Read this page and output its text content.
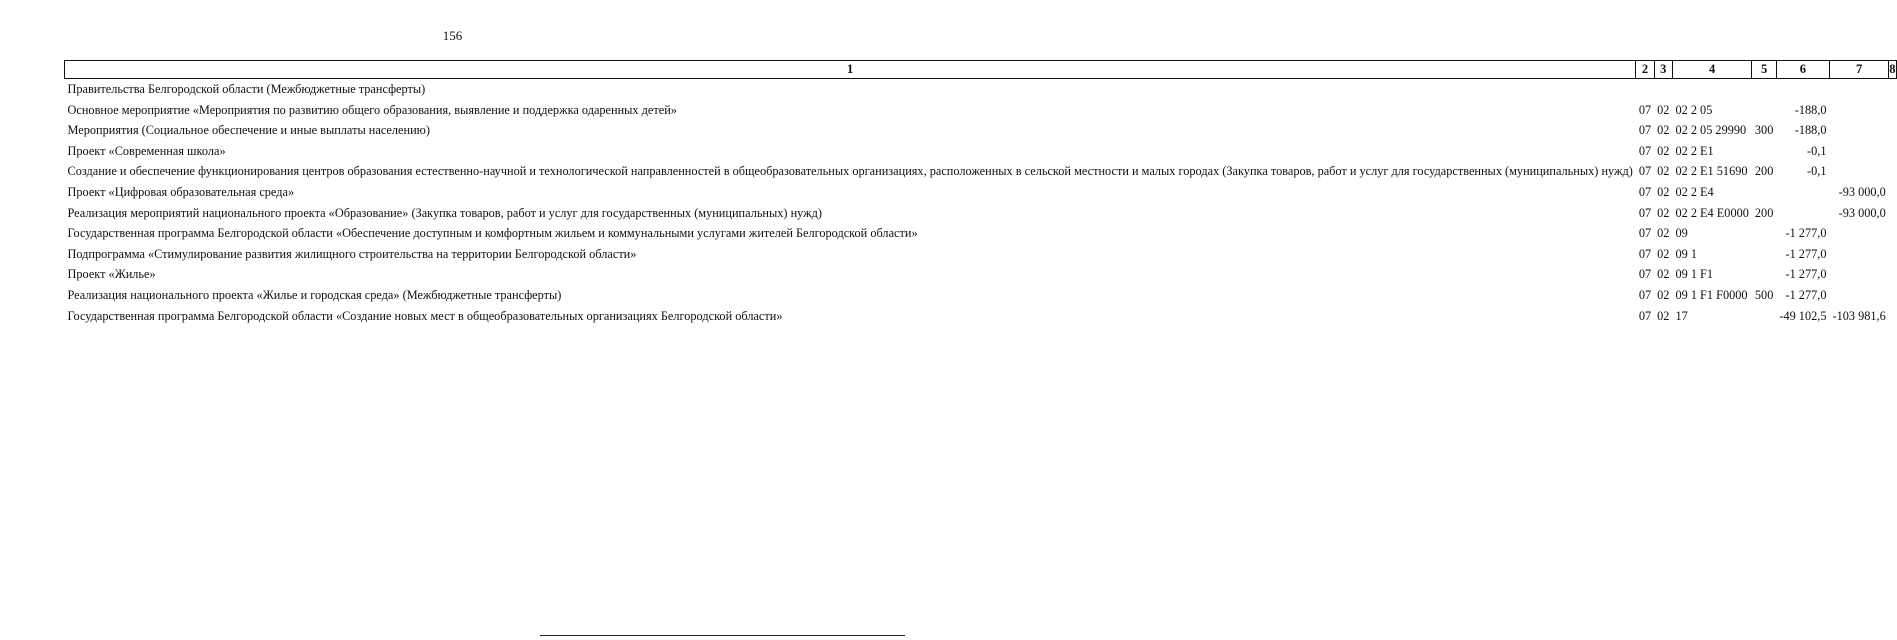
156
1	2	3	4	5	6	7	8
Правительства Белгородской области (Межбюджетные трансферты)							
Основное мероприятие «Мероприятия по развитию общего образования, выявление и поддержка одаренных детей»	07	02	02 2 05		-188,0		
Мероприятия (Социальное обеспечение и иные выплаты населению)	07	02	02 2 05 29990	300	-188,0		
Проект «Современная школа»	07	02	02 2 E1		-0,1		
Создание и обеспечение функционирования центров образования естественно-научной и технологической направленностей в общеобразовательных организациях, расположенных в сельской местности и малых городах (Закупка товаров, работ и услуг для государственных (муниципальных) нужд)	07	02	02 2 E1 51690	200	-0,1		
Проект «Цифровая образовательная среда»	07	02	02 2 E4			-93 000,0	
Реализация мероприятий национального проекта «Образование» (Закупка товаров, работ и услуг для государственных (муниципальных) нужд)	07	02	02 2 E4 E0000	200		-93 000,0	
Государственная программа Белгородской области «Обеспечение доступным и комфортным жильем и коммунальными услугами жителей Белгородской области»	07	02	09		-1 277,0		
Подпрограмма «Стимулирование развития жилищного строительства на территории Белгородской области»	07	02	09 1		-1 277,0		
Проект «Жилье»	07	02	09 1 F1		-1 277,0		
Реализация национального проекта «Жилье и городская среда» (Межбюджетные трансферты)	07	02	09 1 F1 F0000	500	-1 277,0		
Государственная программа Белгородской области «Создание новых мест в общеобразовательных организациях Белгородской области»	07	02	17		-49 102,5	-103 981,6	
